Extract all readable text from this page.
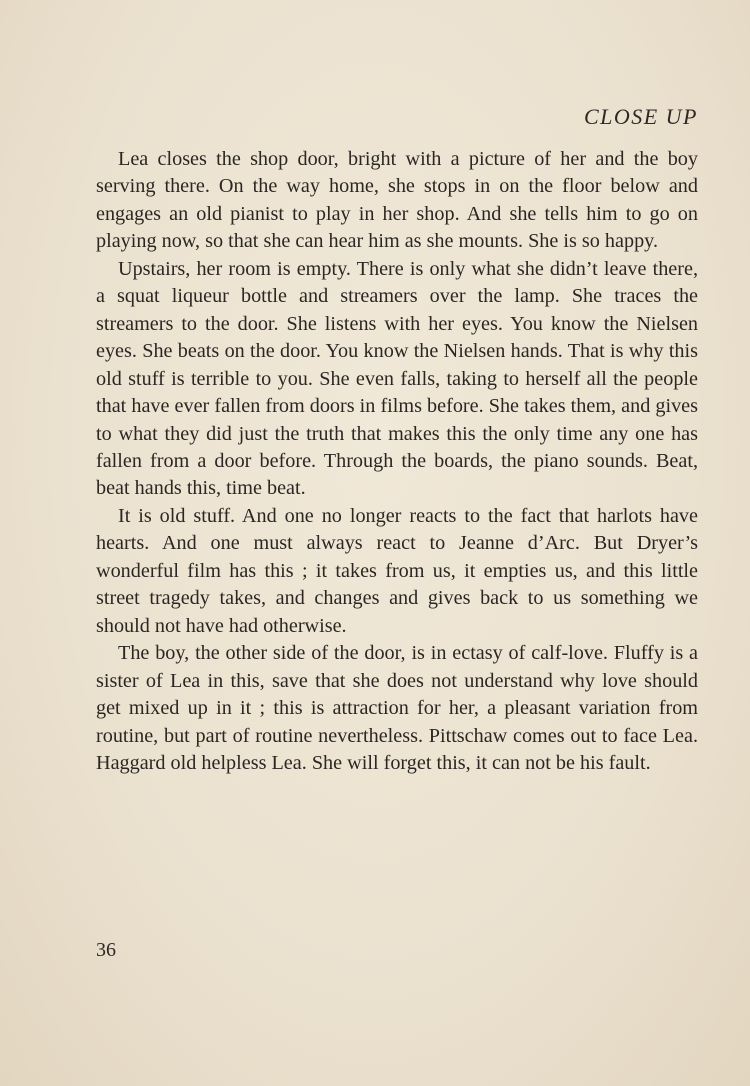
CLOSE UP

Lea closes the shop door, bright with a picture of her and the boy serving there. On the way home, she stops in on the floor below and engages an old pianist to play in her shop. And she tells him to go on playing now, so that she can hear him as she mounts. She is so happy.

Upstairs, her room is empty. There is only what she didn’t leave there, a squat liqueur bottle and streamers over the lamp. She traces the streamers to the door. She listens with her eyes. You know the Nielsen eyes. She beats on the door. You know the Nielsen hands. That is why this old stuff is terrible to you. She even falls, taking to herself all the people that have ever fallen from doors in films before. She takes them, and gives to what they did just the truth that makes this the only time any one has fallen from a door before. Through the boards, the piano sounds. Beat, beat hands this, time beat.

It is old stuff. And one no longer reacts to the fact that harlots have hearts. And one must always react to Jeanne d’Arc. But Dryer’s wonderful film has this ; it takes from us, it empties us, and this little street tragedy takes, and changes and gives back to us something we should not have had otherwise.

The boy, the other side of the door, is in ectasy of calf-love. Fluffy is a sister of Lea in this, save that she does not understand why love should get mixed up in it ; this is attraction for her, a pleasant variation from routine, but part of routine nevertheless. Pittschaw comes out to face Lea. Haggard old helpless Lea. She will forget this, it can not be his fault.

36
